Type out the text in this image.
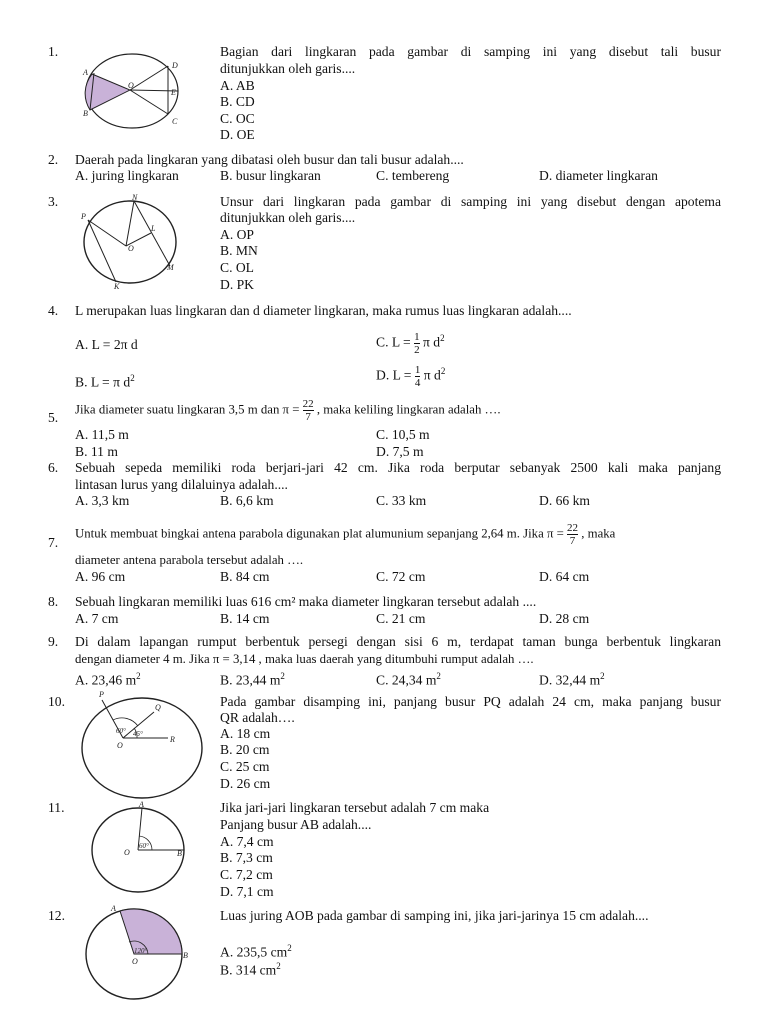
1.
A
B
C
D
E
O
Bagian dari lingkaran pada gambar di samping ini yang disebut tali busur
ditunjukkan oleh garis....
A. AB
B. CD
C. OC
D. OE
2. Daerah pada lingkaran yang dibatasi oleh busur dan tali busur adalah....
A. juring lingkaran	B. busur lingkaran	C. tembereng	D. diameter lingkaran
3.	N
P
L
O
M
K
Unsur dari lingkaran pada gambar di samping ini yang disebut dengan apotema
ditunjukkan oleh garis....
A. OP
B. MN
C. OL
D. PK
4. L merupakan luas lingkaran dan d diameter lingkaran, maka rumus luas lingkaran adalah....
A. L = 2π d
B. L = π $d^2$
C. $L = \frac{1}{2}$ π $d^2$
D. $L = \frac{1}{4}$ π $d^2$
5.
Jika diameter suatu lingkaran 3,5 m dan $\pi = \frac{22}{7}$ , maka keliling lingkaran adalah ….
A. 11,5 m
B. 11 m
C. 10,5 m
D. 7,5 m
6. Sebuah sepeda memiliki roda berjari-jari 42 cm. Jika roda berputar sebanyak 2500 kali maka panjang
lintasan lurus yang dilaluinya adalah....
A. 3,3 km	B. 6,6 km	C. 33 km	D. 66 km
7.
Untuk membuat bingkai antena parabola digunakan plat alumunium sepanjang 2,64 m. Jika $\pi = \frac{22}{7}$ , maka
diameter antena parabola tersebut adalah ….
A. 96 cm	B. 84 cm	C. 72 cm	D. 64 cm
8. Sebuah lingkaran memiliki luas 616 cm² maka diameter lingkaran tersebut adalah ....
A. 7 cm	B. 14 cm	C. 21 cm	D. 28 cm
9. Di dalam lapangan rumput berbentuk persegi dengan sisi 6 m, terdapat taman bunga berbentuk lingkaran
dengan diameter 4 m. Jika π = 3,14 , maka luas daerah yang ditumbuhi rumput adalah ….
A. 23,46 $m^2$	B. 23,44 $m^2$	C. 24,34 $m^2$	D. 32,44 $m^2$
10.	P
Q
R
O
60° 45°
Pada gambar disamping ini, panjang busur PQ adalah 24 cm, maka panjang busur
QR adalah….
A. 18 cm
B. 20 cm
C. 25 cm
D. 26 cm
11.	A
B
O
60°
Jika jari-jari lingkaran tersebut adalah 7 cm maka
Panjang busur AB adalah....
A. 7,4 cm
B. 7,3 cm
C. 7,2 cm
D. 7,1 cm
12.	A
B
O
120°
Luas juring AOB pada gambar di samping ini, jika jari-jarinya 15 cm adalah....
A. 235,5 $cm^2$
B. 314 $cm^2$
